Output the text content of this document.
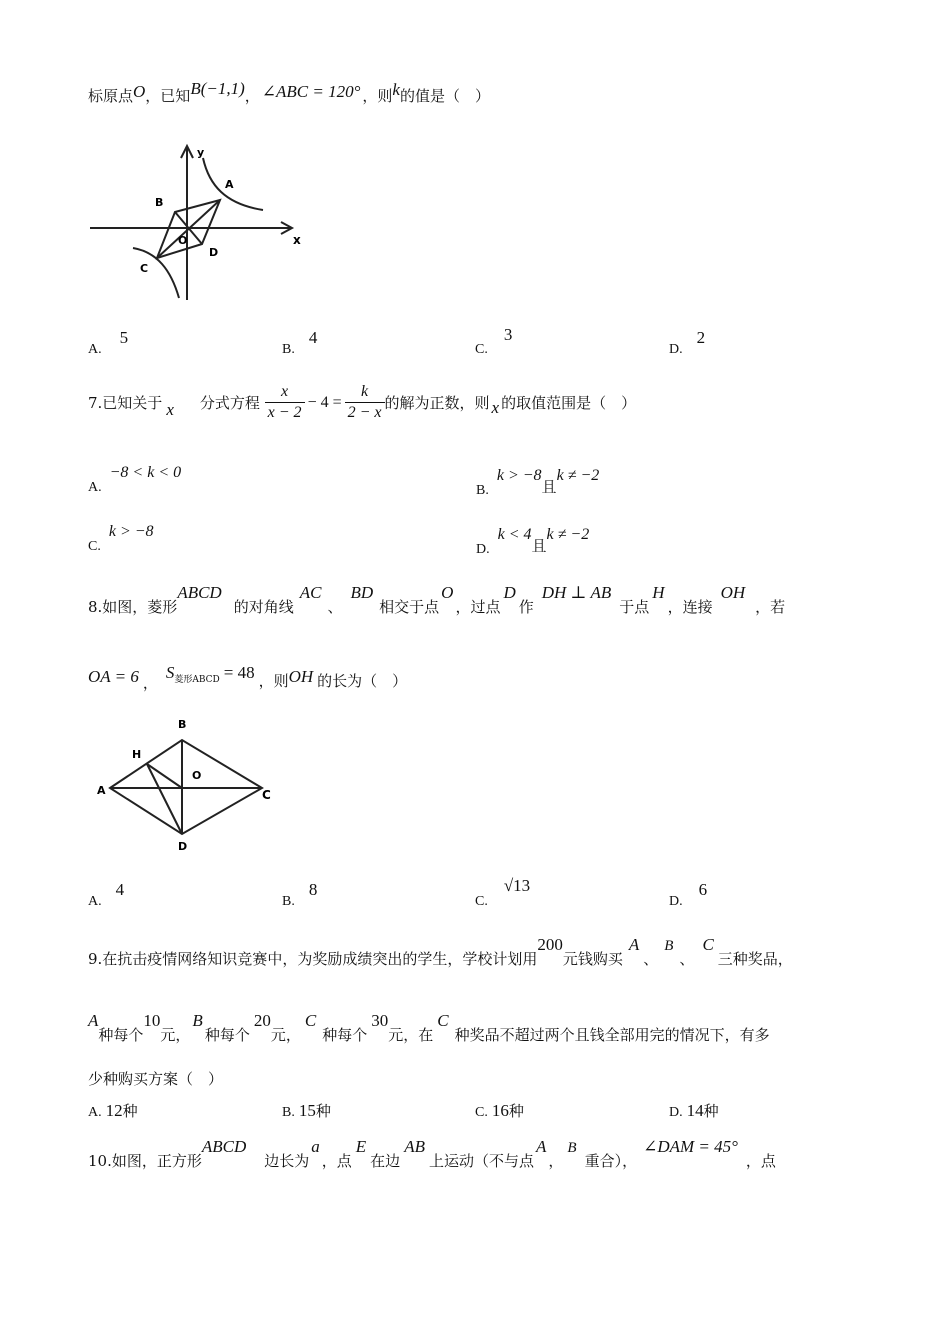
标原点O，已知B(−1,1)， ∠ABC = 120° ，则k的值是（　）
y
x
A
B
C
D
O
A.5
B.4
C.3
D.2
7.已知关于 x 分式方程 $\frac{x}{x - 2} - 4 = \frac{k}{2 - x}$ 的解为正数，则 x 的取值范围是（　）
A.−8 < k < 0
B.k > −8且k ≠ −2
C.k > −8
D.k < 4且k ≠ −2
8.如图，菱形ABCD的对角线AC、BD相交于点O，过点D作DH ⊥ AB于点H，连接OH，若
OA = 6 ，$S_{菱形ABCD} = 48$ ，则OH 的长为（　）
A
B
C
D
H
O
A.4
B.8
C.√13
D.6
9.在抗击疫情网络知识竞赛中，为奖励成绩突出的学生，学校计划用200元钱购买A、B、C三种奖品，
A种每个10元，B种每个20元，C种每个30元，在C种奖品不超过两个且钱全部用完的情况下，有多
少种购买方案（　）
A. 12种	B. 15种	C. 16种	D. 14种
10.如图，正方形ABCD边长为a，点E在边AB上运动（不与点A，B重合），∠DAM = 45°，点
